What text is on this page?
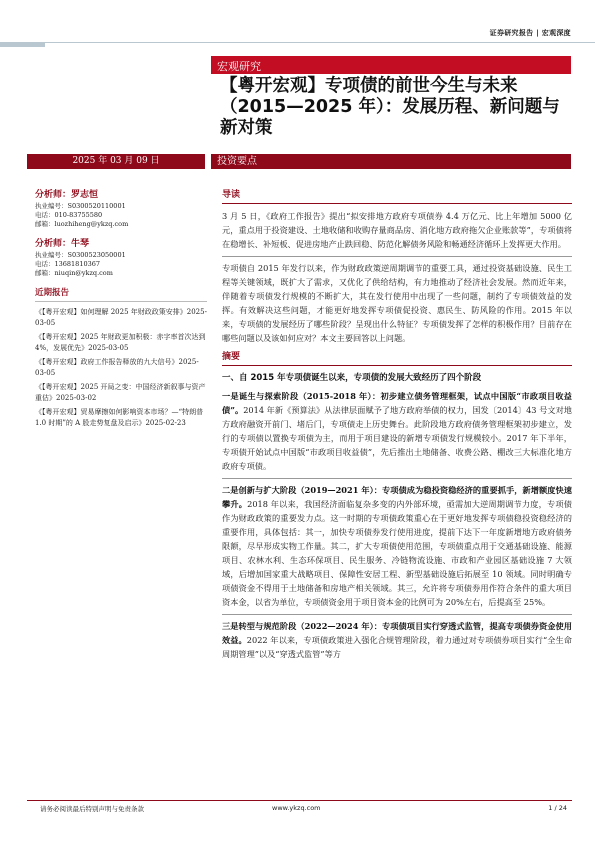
证券研究报告 | 宏观深度
宏观研究
【粤开宏观】专项债的前世今生与未来（2015—2025 年）：发展历程、新问题与新对策
2025 年 03 月 09 日	投资要点
分析师：罗志恒
执业编号：S0300520110001
电话：010-83755580
邮箱：luozhiheng@ykzq.com
分析师：牛琴
执业编号：S0300523050001
电话：13681810367
邮箱：niuqin@ykzq.com
近期报告
《【粤开宏观】如何理解 2025 年财政政策安排》2025-03-05
《【粤开宏观】2025 年财政更加积极：赤字率首次达到 4%，发展优先》2025-03-05
《【粤开宏观】政府工作报告释放的九大信号》2025-03-05
《【粤开宏观】2025 开局之变：中国经济新叙事与资产重估》2025-03-02
《【粤开宏观】贸易摩擦如何影响资本市场？—“特朗普 1.0 时期”的 A 股走势复盘及启示》2025-02-23
导读

3 月 5 日，《政府工作报告》提出“拟安排地方政府专项债券 4.4 万亿元、比上年增加 5000 亿元，重点用于投资建设、土地收储和收购存量商品房、消化地方政府拖欠企业账款等”，专项债将在稳增长、补短板、促进房地产止跌回稳、防范化解债务风险和畅通经济循环上发挥更大作用。

专项债自 2015 年发行以来，作为财政政策逆周期调节的重要工具，通过投资基础设施、民生工程等关键领域，既扩大了需求，又优化了供给结构，有力地推动了经济社会发展。然而近年来，伴随着专项债发行规模的不断扩大，其在发行使用中出现了一些问题，制约了专项债效益的发挥。有效解决这些问题，才能更好地发挥专项债促投资、惠民生、防风险的作用。2015 年以来，专项债的发展经历了哪些阶段？呈现出什么特征？专项债发挥了怎样的积极作用？目前存在哪些问题以及该如何应对？本文主要回答以上问题。

摘要
一、自 2015 年专项债诞生以来，专项债的发展大致经历了四个阶段

一是诞生与探索阶段（2015-2018 年）：初步建立债务管理框架，试点中国版“市政项目收益债”。2014 年新《预算法》从法律层面赋予了地方政府举债的权力，国发〔2014〕43 号文对地方政府融资开前门、堵后门，专项债走上历史舞台。此阶段地方政府债务管理框架初步建立，发行的专项债以置换专项债为主，而用于项目建设的新增专项债发行规模较小。2017 年下半年，专项债开始试点中国版“市政项目收益债”，先后推出土地储备、收费公路、棚改三大标准化地方政府专项债。

二是创新与扩大阶段（2019—2021 年）：专项债成为稳投资稳经济的重要抓手，新增额度快速攀升。2018 年以来，我国经济面临复杂多变的内外部环境，亟需加大逆周期调节力度，专项债作为财政政策的重要发力点。这一时期的专项债政策重心在于更好地发挥专项债稳投资稳经济的重要作用，具体包括：其一，加快专项债券发行使用进度，提前下达下一年度新增地方政府债务限额，尽早形成实物工作量。其二，扩大专项债使用范围，专项债重点用于交通基础设施、能源项目、农林水利、生态环保项目、民生服务、冷链物流设施、市政和产业园区基础设施 7 大领域，后增加国家重大战略项目、保障性安居工程、新型基础设施后拓展至 10 领域。同时明确专项债资金不得用于土地储备和房地产相关领域。其三，允许将专项债券用作符合条件的重大项目资本金，以省为单位，专项债资金用于项目资本金的比例可为 20%左右，后提高至 25%。

三是转型与规范阶段（2022—2024 年）：专项债项目实行穿透式监管，提高专项债券资金使用效益。2022 年以来，专项债政策进入强化合规管理阶段，着力通过对专项债券项目实行“全生命周期管理”以及“穿透式监管”等方

请务必阅读最后特别声明与免责条款	www.ykzq.com	1 / 24
